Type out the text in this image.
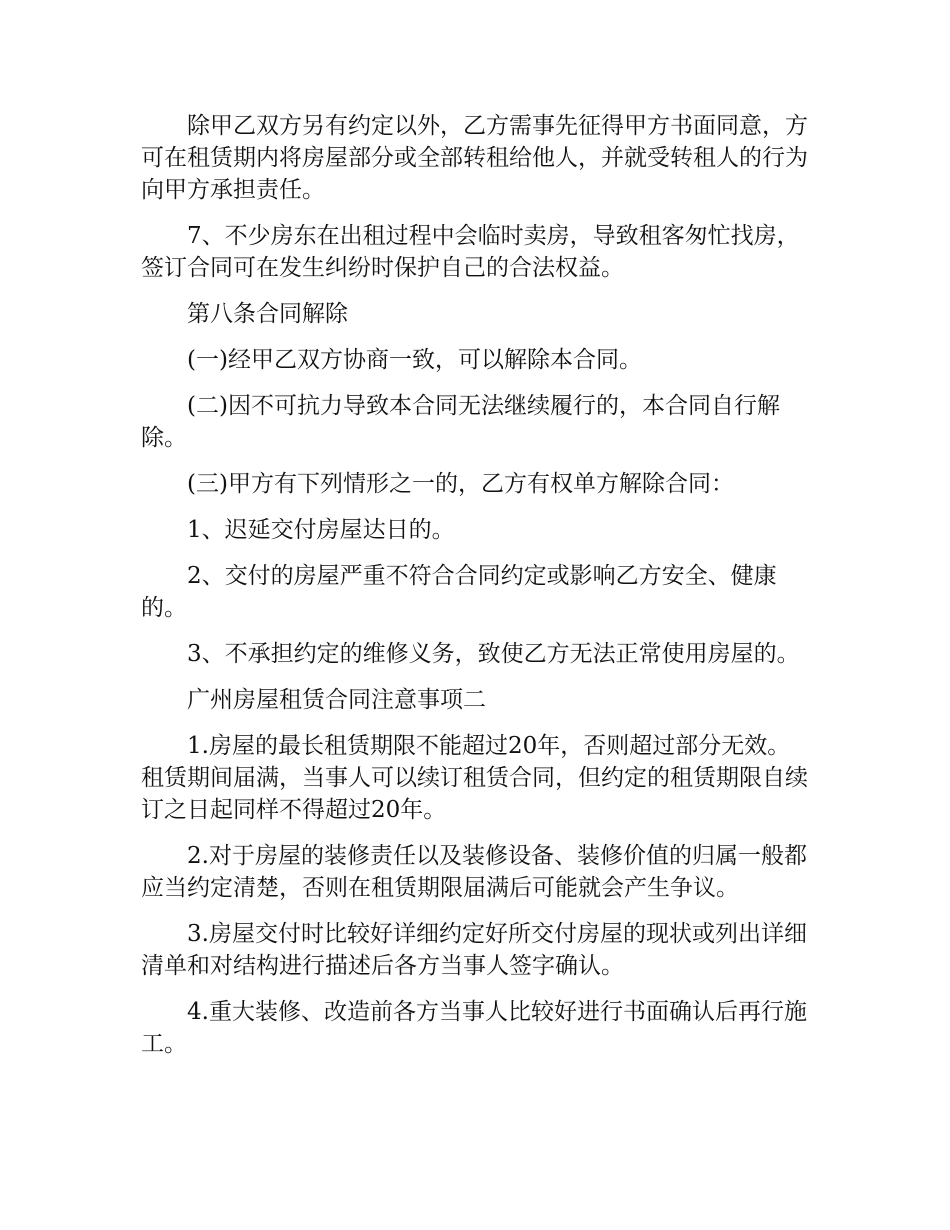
除甲乙双方另有约定以外，乙方需事先征得甲方书面同意，方可在租赁期内将房屋部分或全部转租给他人，并就受转租人的行为向甲方承担责任。

7、不少房东在出租过程中会临时卖房，导致租客匆忙找房，签订合同可在发生纠纷时保护自己的合法权益。

第八条合同解除

(一)经甲乙双方协商一致，可以解除本合同。

(二)因不可抗力导致本合同无法继续履行的，本合同自行解除。

(三)甲方有下列情形之一的，乙方有权单方解除合同：

1、迟延交付房屋达日的。

2、交付的房屋严重不符合合同约定或影响乙方安全、健康的。

3、不承担约定的维修义务，致使乙方无法正常使用房屋的。

广州房屋租赁合同注意事项二

1.房屋的最长租赁期限不能超过20年，否则超过部分无效。租赁期间届满，当事人可以续订租赁合同，但约定的租赁期限自续订之日起同样不得超过20年。

2.对于房屋的装修责任以及装修设备、装修价值的归属一般都应当约定清楚，否则在租赁期限届满后可能就会产生争议。

3.房屋交付时比较好详细约定好所交付房屋的现状或列出详细清单和对结构进行描述后各方当事人签字确认。

4.重大装修、改造前各方当事人比较好进行书面确认后再行施工。
